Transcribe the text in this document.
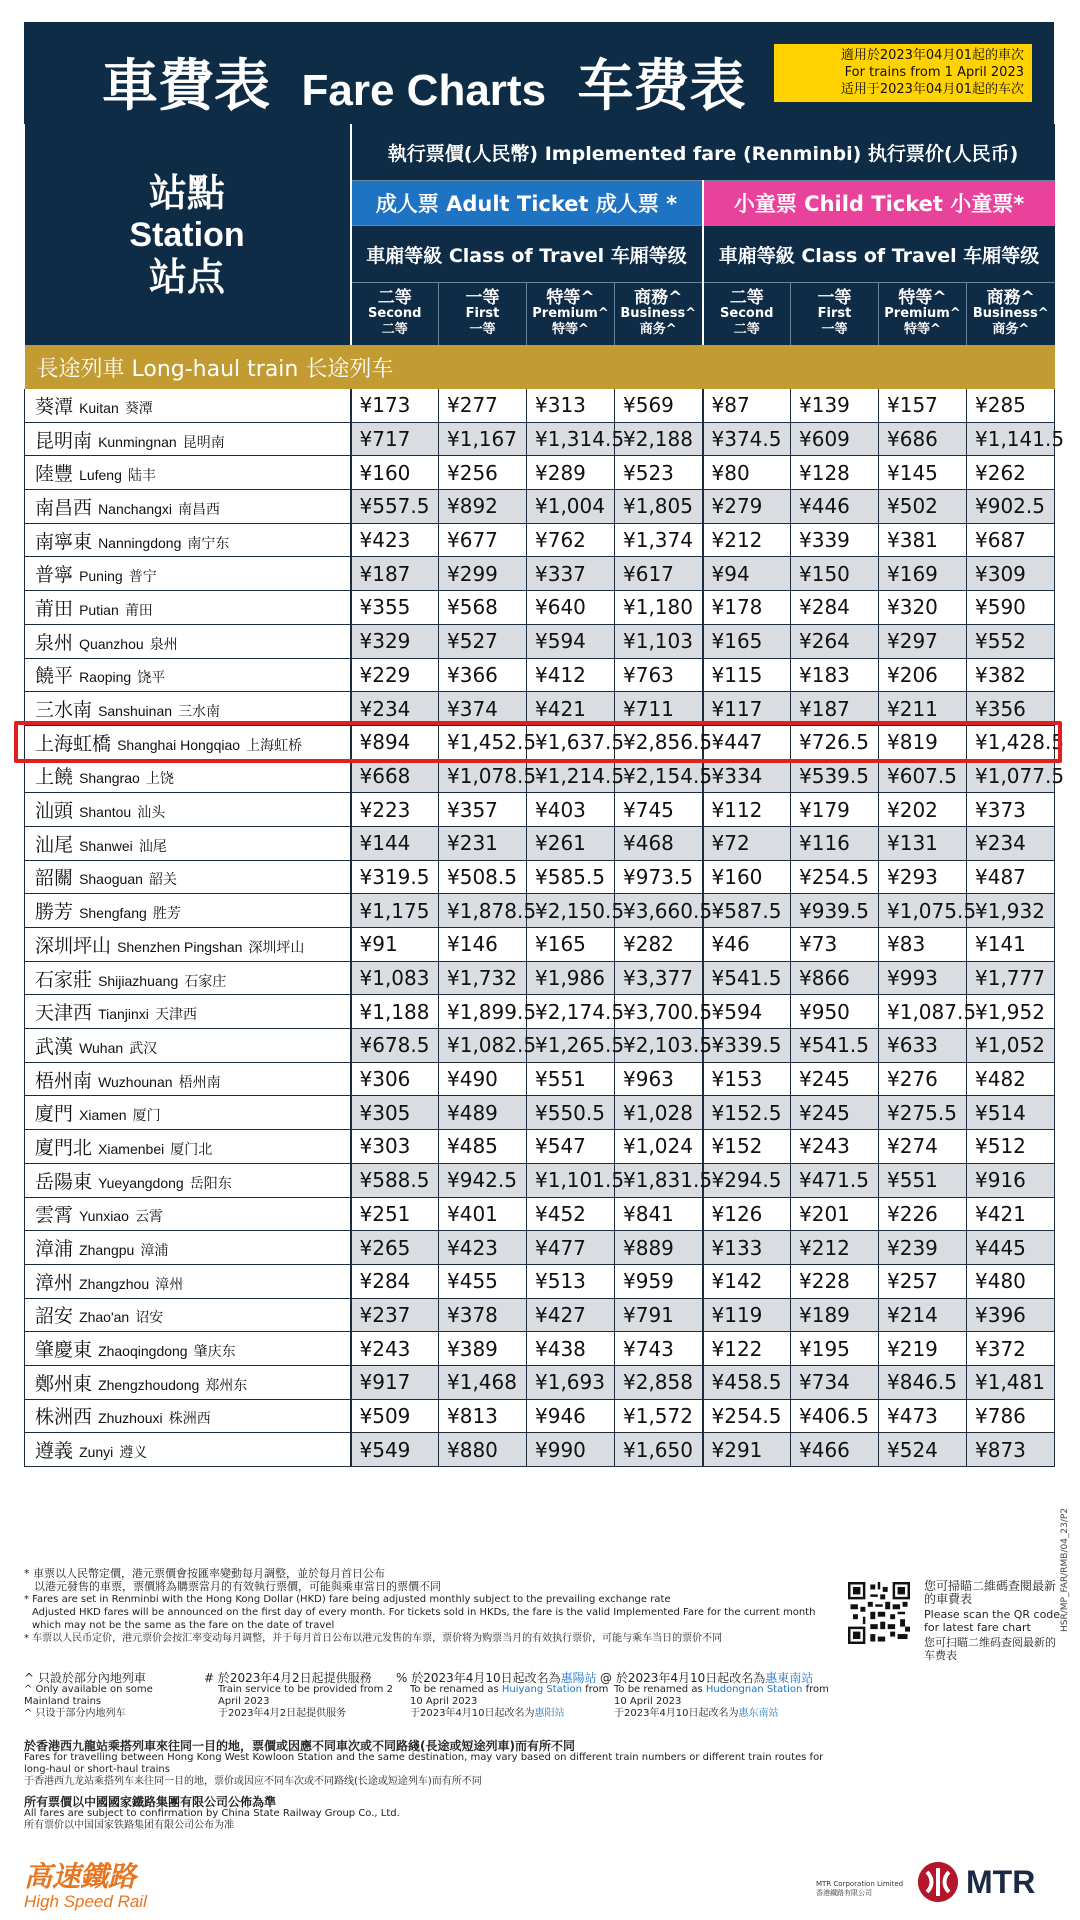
車費表 Fare Charts 车费表	適用於2023年04月01起的車次
For trains from 1 April 2023
适用于2023年04月01起的车次
站點
Station
站点	執行票價(人民幣) Implemented fare (Renminbi) 执行票价(人民币)							
	成人票 Adult Ticket 成人票 *				小童票 Child Ticket 小童票*			
	車廂等級 Class of Travel 车厢等级				車廂等級 Class of Travel 车厢等级			

	二等
Second
二等	一等
First
一等	特等^
Premium^
特等^	商務^
Business^
商务^	二等
Second
二等	一等
First
一等	特等^
Premium^
特等^	商務^
Business^
商务^

長途列車 Long-haul train 长途列车								
葵潭 Kuitan 葵潭	¥173	¥277	¥313	¥569	¥87	¥139	¥157	¥285
昆明南 Kunmingnan 昆明南	¥717	¥1,167	¥1,314.5	¥2,188	¥374.5	¥609	¥686	¥1,141.5
陸豐 Lufeng 陆丰	¥160	¥256	¥289	¥523	¥80	¥128	¥145	¥262
南昌西 Nanchangxi 南昌西	¥557.5	¥892	¥1,004	¥1,805	¥279	¥446	¥502	¥902.5
南寧東 Nanningdong 南宁东	¥423	¥677	¥762	¥1,374	¥212	¥339	¥381	¥687
普寧 Puning 普宁	¥187	¥299	¥337	¥617	¥94	¥150	¥169	¥309
莆田 Putian 莆田	¥355	¥568	¥640	¥1,180	¥178	¥284	¥320	¥590
泉州 Quanzhou 泉州	¥329	¥527	¥594	¥1,103	¥165	¥264	¥297	¥552
饒平 Raoping 饶平	¥229	¥366	¥412	¥763	¥115	¥183	¥206	¥382
三水南 Sanshuinan 三水南	¥234	¥374	¥421	¥711	¥117	¥187	¥211	¥356
上海虹橋 Shanghai Hongqiao 上海虹桥	¥894	¥1,452.5	¥1,637.5	¥2,856.5	¥447	¥726.5	¥819	¥1,428.5
上饒 Shangrao 上饶	¥668	¥1,078.5	¥1,214.5	¥2,154.5	¥334	¥539.5	¥607.5	¥1,077.5
汕頭 Shantou 汕头	¥223	¥357	¥403	¥745	¥112	¥179	¥202	¥373
汕尾 Shanwei 汕尾	¥144	¥231	¥261	¥468	¥72	¥116	¥131	¥234
韶關 Shaoguan 韶关	¥319.5	¥508.5	¥585.5	¥973.5	¥160	¥254.5	¥293	¥487
勝芳 Shengfang 胜芳	¥1,175	¥1,878.5	¥2,150.5	¥3,660.5	¥587.5	¥939.5	¥1,075.5	¥1,932
深圳坪山 Shenzhen Pingshan 深圳坪山	¥91	¥146	¥165	¥282	¥46	¥73	¥83	¥141
石家莊 Shijiazhuang 石家庄	¥1,083	¥1,732	¥1,986	¥3,377	¥541.5	¥866	¥993	¥1,777
天津西 Tianjinxi 天津西	¥1,188	¥1,899.5	¥2,174.5	¥3,700.5	¥594	¥950	¥1,087.5	¥1,952
武漢 Wuhan 武汉	¥678.5	¥1,082.5	¥1,265.5	¥2,103.5	¥339.5	¥541.5	¥633	¥1,052
梧州南 Wuzhounan 梧州南	¥306	¥490	¥551	¥963	¥153	¥245	¥276	¥482
廈門 Xiamen 厦门	¥305	¥489	¥550.5	¥1,028	¥152.5	¥245	¥275.5	¥514
廈門北 Xiamenbei 厦门北	¥303	¥485	¥547	¥1,024	¥152	¥243	¥274	¥512
岳陽東 Yueyangdong 岳阳东	¥588.5	¥942.5	¥1,101.5	¥1,831.5	¥294.5	¥471.5	¥551	¥916
雲霄 Yunxiao 云霄	¥251	¥401	¥452	¥841	¥126	¥201	¥226	¥421
漳浦 Zhangpu 漳浦	¥265	¥423	¥477	¥889	¥133	¥212	¥239	¥445
漳州 Zhangzhou 漳州	¥284	¥455	¥513	¥959	¥142	¥228	¥257	¥480
詔安 Zhao'an 诏安	¥237	¥378	¥427	¥791	¥119	¥189	¥214	¥396
肇慶東 Zhaoqingdong 肇庆东	¥243	¥389	¥438	¥743	¥122	¥195	¥219	¥372
鄭州東 Zhengzhoudong 郑州东	¥917	¥1,468	¥1,693	¥2,858	¥458.5	¥734	¥846.5	¥1,481
株洲西 Zhuzhouxi 株洲西	¥509	¥813	¥946	¥1,572	¥254.5	¥406.5	¥473	¥786
遵義 Zunyi 遵义	¥549	¥880	¥990	¥1,650	¥291	¥466	¥524	¥873

* 車票以人民幣定價，港元票價會按匯率變動每月調整，並於每月首日公布

以港元發售的車票，票價將為購票當月的有效執行票價，可能與乘車當日的票價不同

* Fares are set in Renminbi with the Hong Kong Dollar (HKD) fare being adjusted monthly subject to the prevailing exchange rate

Adjusted HKD fares will be announced on the first day of every month. For tickets sold in HKDs, the fare is the valid Implemented Fare for the current month

which may not be the same as the fare on the date of travel

* 车票以人民币定价，港元票价会按汇率变动每月调整，并于每月首日公布以港元发售的车票，票价将为购票当月的有效执行票价，可能与乘车当日的票价不同

^ 只設於部分內地列車
^ Only available on some Mainland trains
^ 只设于部分内地列车
# 於2023年4月2日起提供服務
Train service to be provided from 2 April 2023
于2023年4月2日起提供服务
% 於2023年4月10日起改名為惠陽站
To be renamed as Huiyang Station from 10 April 2023
于2023年4月10日起改名为惠阳站
@ 於2023年4月10日起改名為惠東南站
To be renamed as Hudongnan Station from 10 April 2023
于2023年4月10日起改名为惠东南站
於香港西九龍站乘搭列車來往同一目的地，票價或因應不同車次或不同路綫(長途或短途列車)而有所不同
Fares for travelling between Hong Kong West Kowloon Station and the same destination, may vary based on different train numbers or different train routes for long-haul or short-haul trains
于香港西九龙站乘搭列车来往同一目的地，票价或因应不同车次或不同路线(长途或短途列车)而有所不同
所有票價以中國國家鐵路集團有限公司公佈為準
All fares are subject to confirmation by China State Railway Group Co., Ltd.
所有票价以中国国家铁路集团有限公司公布为准
您可掃瞄二維碼查閱最新的車費表
Please scan the QR code for latest fare chart
您可扫瞄二维码查阅最新的车费表
HSR/MP_FAR/RMB/04_23/P2
高速鐵路
High Speed Rail
MTR Corporation Limited
香港鐵路有限公司	MTR
